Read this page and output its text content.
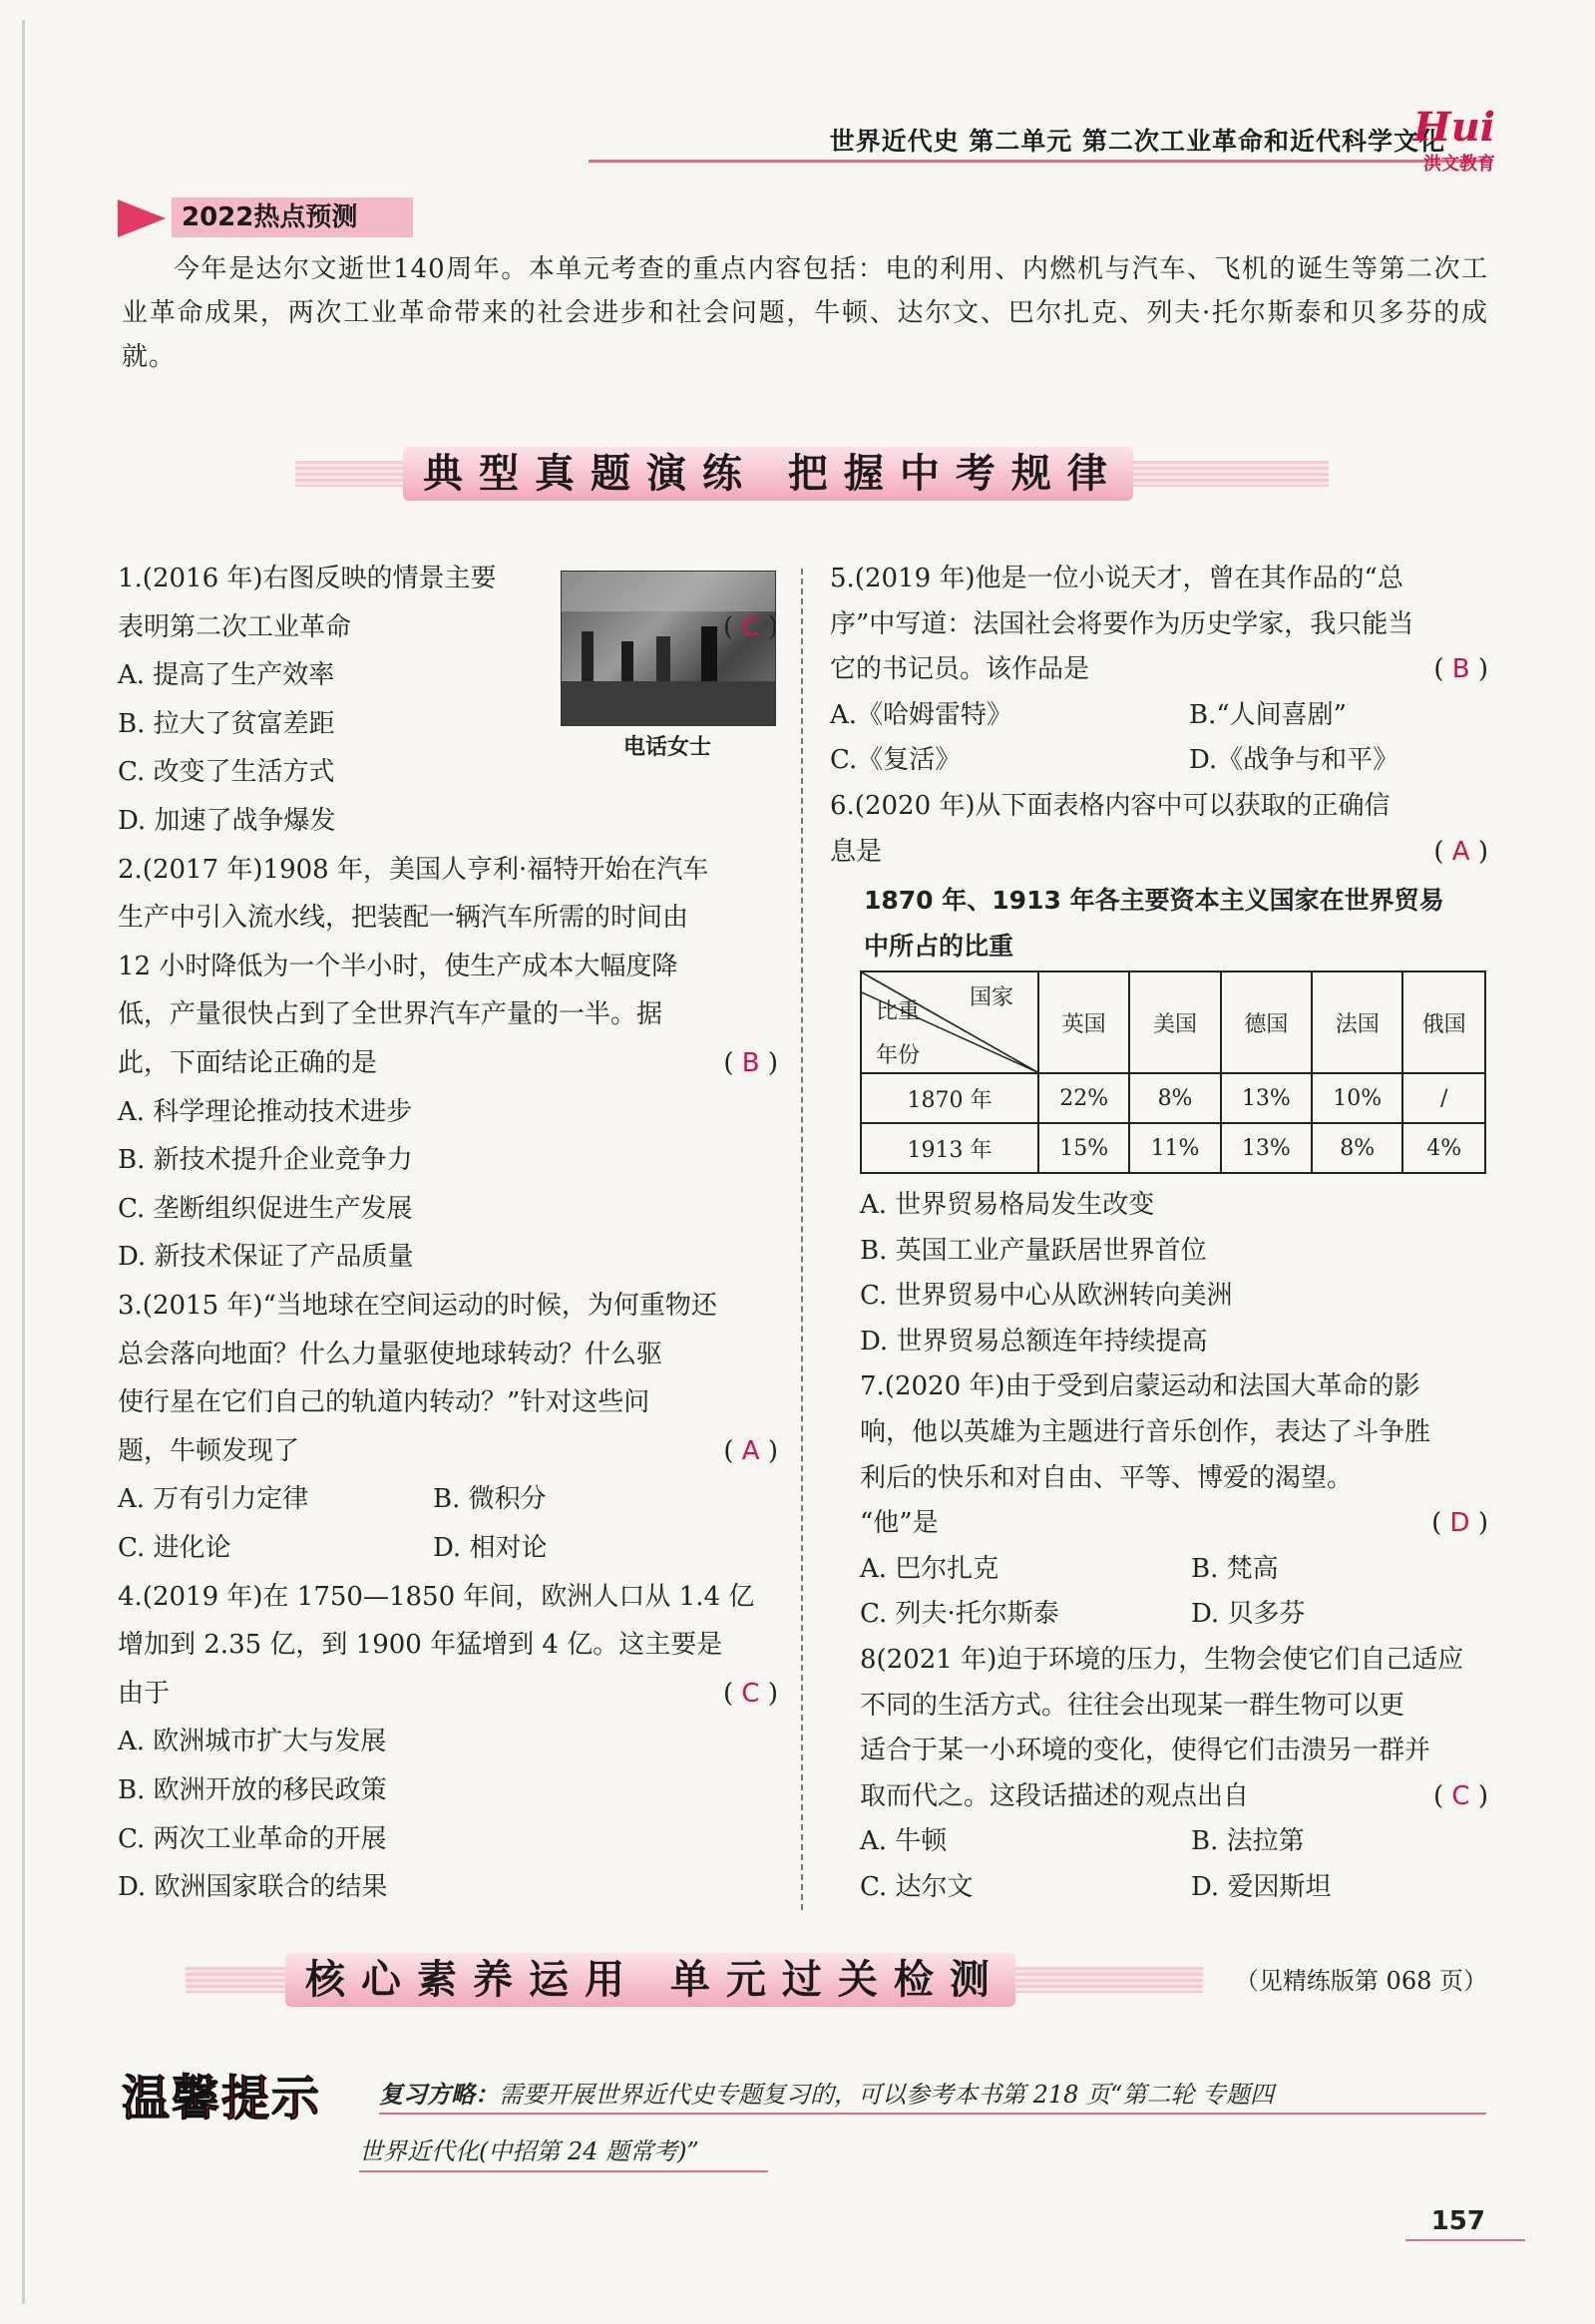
世界近代史 第二单元 第二次工业革命和近代科学文化
Hui
洪文教育
2022热点预测
今年是达尔文逝世140周年。本单元考查的重点内容包括：电的利用、内燃机与汽车、飞机的诞生等第二次工业革命成果，两次工业革命带来的社会进步和社会问题，牛顿、达尔文、巴尔扎克、列夫·托尔斯泰和贝多芬的成就。
典型真题演练 把握中考规律
电话女士
1.(2016 年)右图反映的情景主要
表明第二次工业革命	( C )
A. 提高了生产效率
B. 拉大了贫富差距
C. 改变了生活方式
D. 加速了战争爆发
2.(2017 年)1908 年，美国人亨利·福特开始在汽车
生产中引入流水线，把装配一辆汽车所需的时间由
12 小时降低为一个半小时，使生产成本大幅度降
低，产量很快占到了全世界汽车产量的一半。据
此，下面结论正确的是	( B )
A. 科学理论推动技术进步
B. 新技术提升企业竞争力
C. 垄断组织促进生产发展
D. 新技术保证了产品质量
3.(2015 年)“当地球在空间运动的时候，为何重物还
总会落向地面？什么力量驱使地球转动？什么驱
使行星在它们自己的轨道内转动？”针对这些问
题，牛顿发现了	( A )
A. 万有引力定律	B. 微积分
C. 进化论	D. 相对论
4.(2019 年)在 1750—1850 年间，欧洲人口从 1.4 亿
增加到 2.35 亿，到 1900 年猛增到 4 亿。这主要是
由于	( C )
A. 欧洲城市扩大与发展
B. 欧洲开放的移民政策
C. 两次工业革命的开展
D. 欧洲国家联合的结果
5.(2019 年)他是一位小说天才，曾在其作品的“总
序”中写道：法国社会将要作为历史学家，我只能当
它的书记员。该作品是	( B )
A.《哈姆雷特》	B.“人间喜剧”
C.《复活》	D.《战争与和平》
6.(2020 年)从下面表格内容中可以获取的正确信
息是	( A )
1870 年、1913 年各主要资本主义国家在世界贸易
中所占的比重
国家
比重
年份	英国	美国	德国	法国	俄国
1870 年	22%	8%	13%	10%	/
1913 年	15%	11%	13%	8%	4%
A. 世界贸易格局发生改变
B. 英国工业产量跃居世界首位
C. 世界贸易中心从欧洲转向美洲
D. 世界贸易总额连年持续提高
7.(2020 年)由于受到启蒙运动和法国大革命的影
响，他以英雄为主题进行音乐创作，表达了斗争胜
利后的快乐和对自由、平等、博爱的渴望。
“他”是	( D )
A. 巴尔扎克	B. 梵高
C. 列夫·托尔斯泰	D. 贝多芬
8(2021 年)迫于环境的压力，生物会使它们自己适应
不同的生活方式。往往会出现某一群生物可以更
适合于某一小环境的变化，使得它们击溃另一群并
取而代之。这段话描述的观点出自	( C )
A. 牛顿	B. 法拉第
C. 达尔文	D. 爱因斯坦
核心素养运用 单元过关检测	（见精练版第 068 页）
温馨提示 复习方略：需要开展世界近代史专题复习的，可以参考本书第 218 页“第二轮 专题四
世界近代化(中招第 24 题常考)”
157
